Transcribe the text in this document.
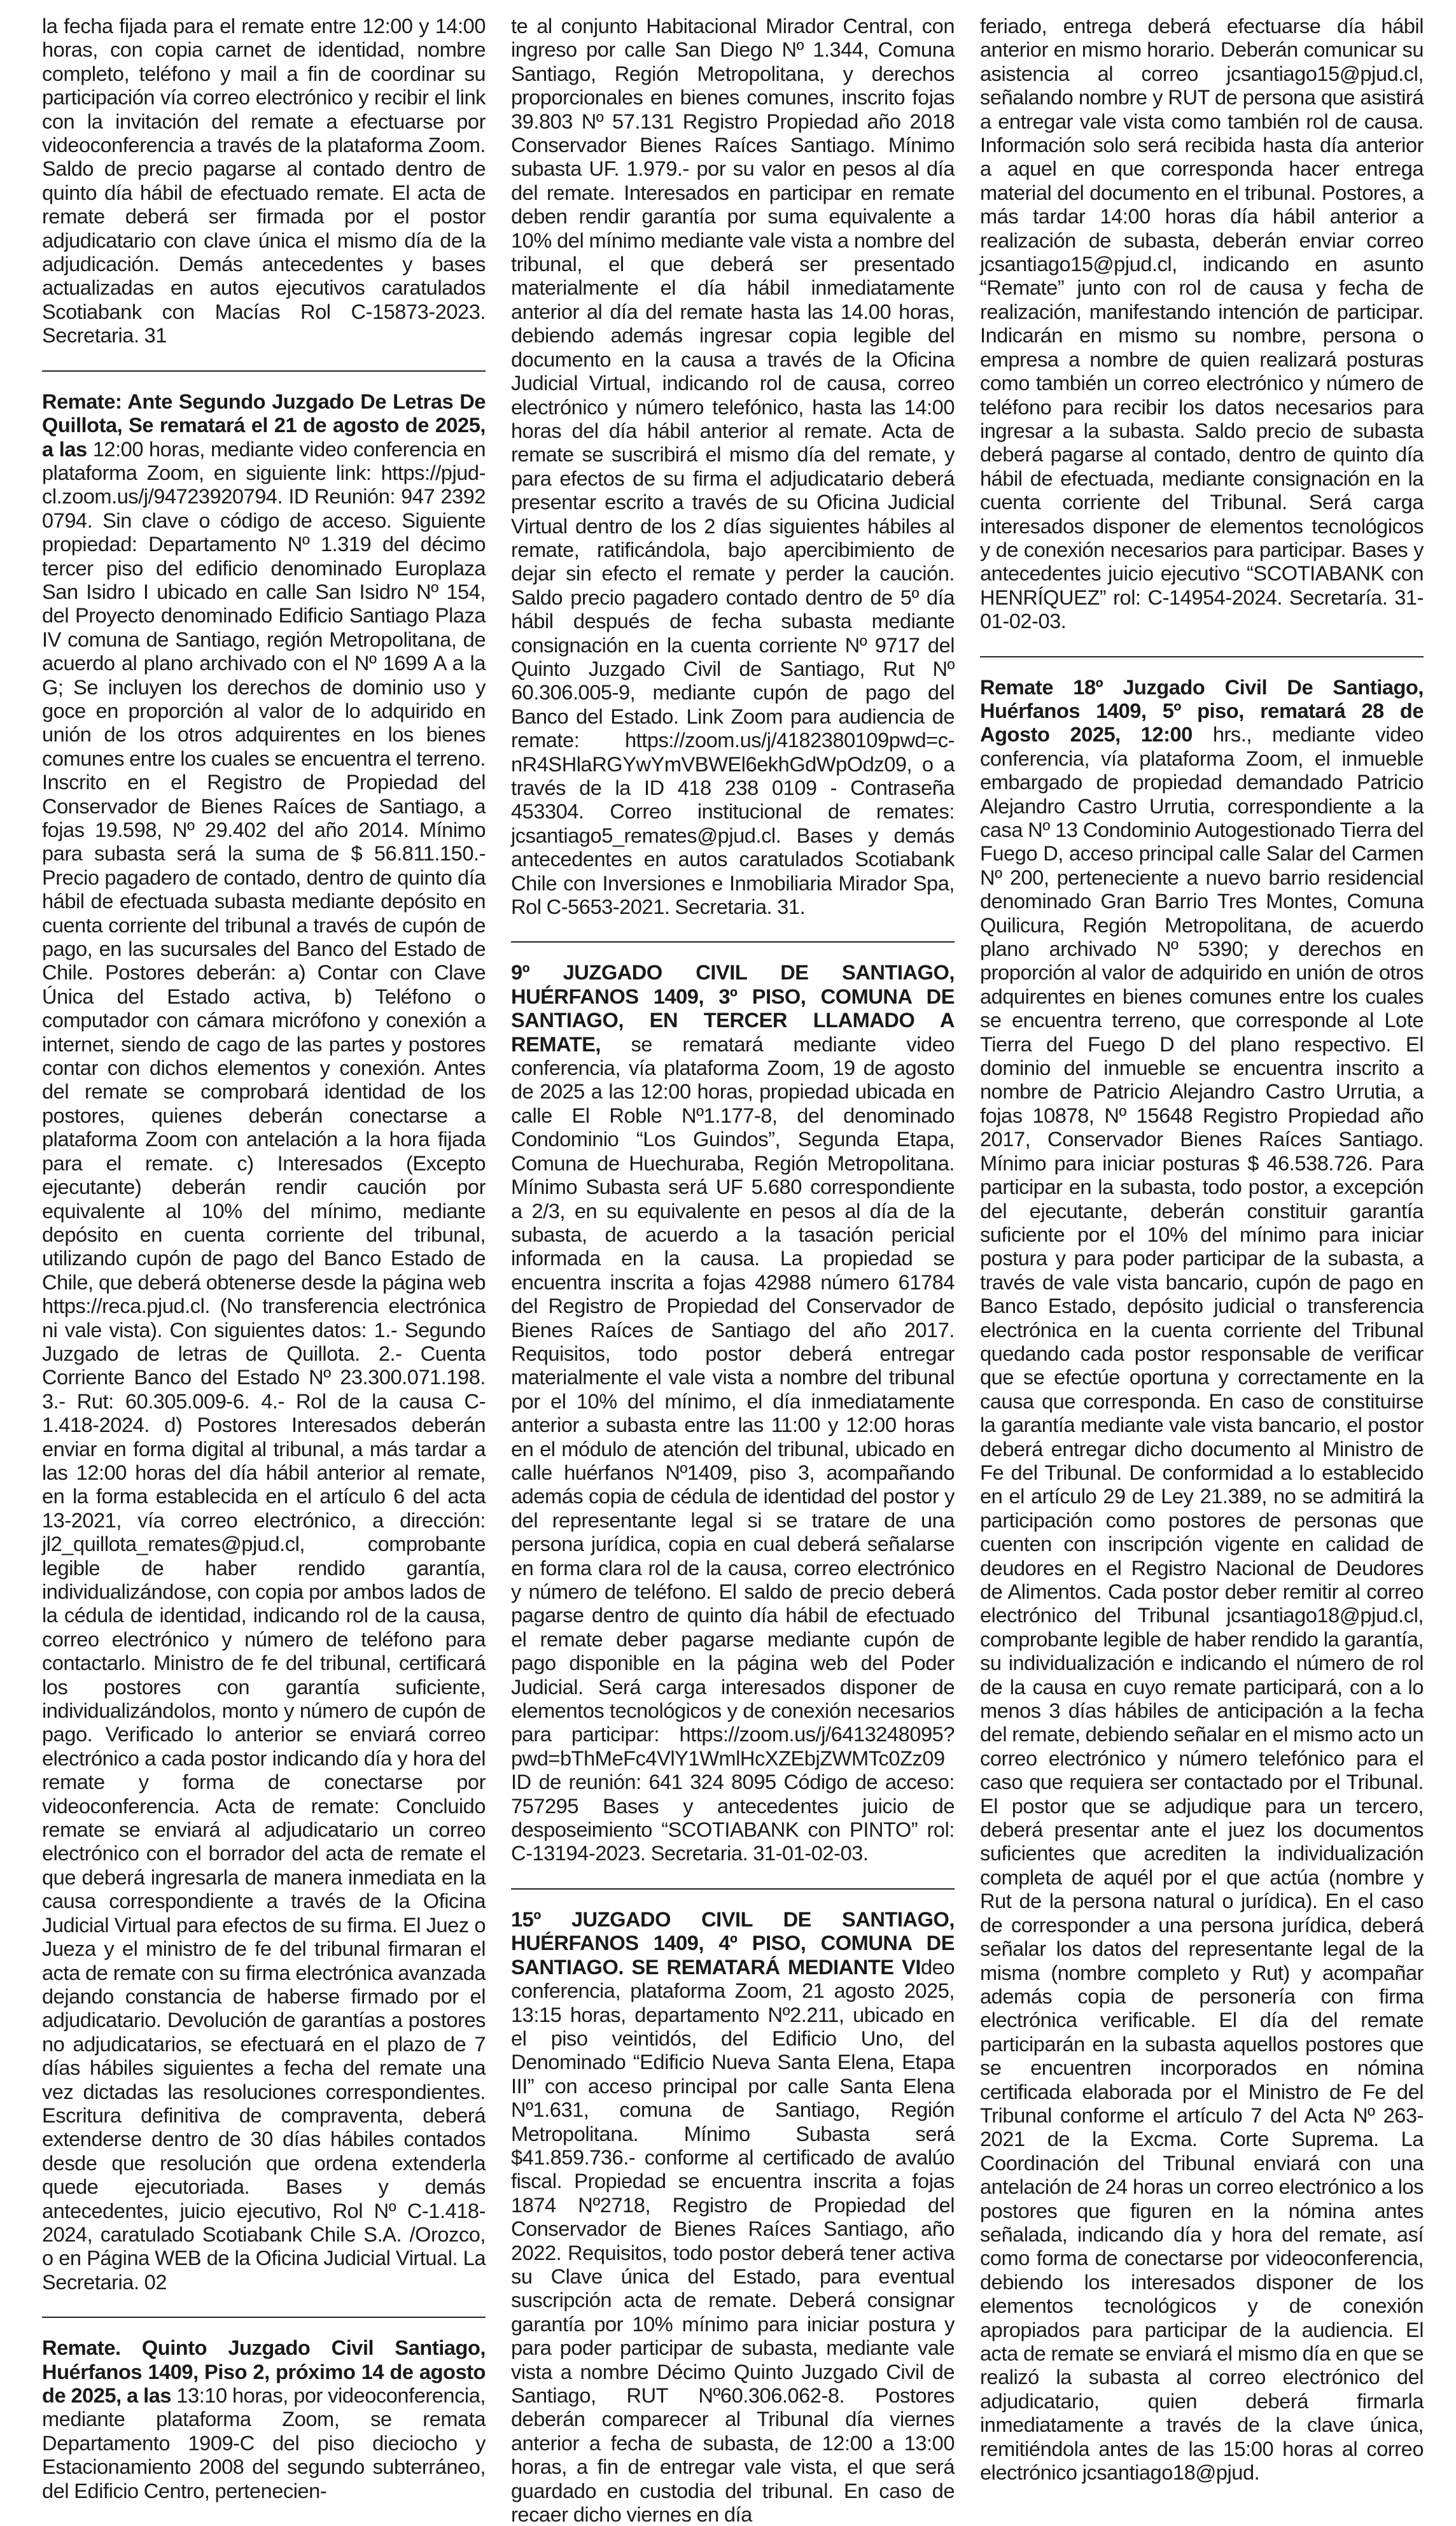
la fecha fijada para el remate entre 12:00 y 14:00 horas, con copia carnet de identidad, nombre completo, teléfono y mail a fin de coordinar su participación vía correo electrónico y recibir el link con la invitación del remate a efectuarse por videoconferencia a través de la plataforma Zoom. Saldo de precio pagarse al contado dentro de quinto día hábil de efectuado remate. El acta de remate deberá ser firmada por el postor adjudicatario con clave única el mismo día de la adjudicación. Demás antecedentes y bases actualizadas en autos ejecutivos caratulados Scotiabank con Macías Rol C-15873-2023. Secretaria. 31

Remate: Ante Segundo Juzgado De Letras De Quillota, Se rematará el 21 de agosto de 2025, a las 12:00 horas, mediante video conferencia en plataforma Zoom, en siguiente link: https://pjud-cl.zoom.us/j/94723920794. ID Reunión: 947 2392 0794. Sin clave o código de acceso. Siguiente propiedad: Departamento Nº 1.319 del décimo tercer piso del edificio denominado Europlaza San Isidro I ubicado en calle San Isidro Nº 154, del Proyecto denominado Edificio Santiago Plaza IV comuna de Santiago, región Metropolitana, de acuerdo al plano archivado con el Nº 1699 A a la G; Se incluyen los derechos de dominio uso y goce en proporción al valor de lo adquirido en unión de los otros adquirentes en los bienes comunes entre los cuales se encuentra el terreno. Inscrito en el Registro de Propiedad del Conservador de Bienes Raíces de Santiago, a fojas 19.598, Nº 29.402 del año 2014. Mínimo para subasta será la suma de $ 56.811.150.- Precio pagadero de contado, dentro de quinto día hábil de efectuada subasta mediante depósito en cuenta corriente del tribunal a través de cupón de pago, en las sucursales del Banco del Estado de Chile. Postores deberán: a) Contar con Clave Única del Estado activa, b) Teléfono o computador con cámara micrófono y conexión a internet, siendo de cago de las partes y postores contar con dichos elementos y conexión. Antes del remate se comprobará identidad de los postores, quienes deberán conectarse a plataforma Zoom con antelación a la hora fijada para el remate. c) Interesados (Excepto ejecutante) deberán rendir caución por equivalente al 10% del mínimo, mediante depósito en cuenta corriente del tribunal, utilizando cupón de pago del Banco Estado de Chile, que deberá obtenerse desde la página web https://reca.pjud.cl. (No transferencia electrónica ni vale vista). Con siguientes datos: 1.- Segundo Juzgado de letras de Quillota. 2.- Cuenta Corriente Banco del Estado Nº 23.300.071.198. 3.- Rut: 60.305.009-6. 4.- Rol de la causa C-1.418-2024. d) Postores Interesados deberán enviar en forma digital al tribunal, a más tardar a las 12:00 horas del día hábil anterior al remate, en la forma establecida en el artículo 6 del acta 13-2021, vía correo electrónico, a dirección: jl2_quillota_remates@pjud.cl, comprobante legible de haber rendido garantía, individualizándose, con copia por ambos lados de la cédula de identidad, indicando rol de la causa, correo electrónico y número de teléfono para contactarlo. Ministro de fe del tribunal, certificará los postores con garantía suficiente, individualizándolos, monto y número de cupón de pago. Verificado lo anterior se enviará correo electrónico a cada postor indicando día y hora del remate y forma de conectarse por videoconferencia. Acta de remate: Concluido remate se enviará al adjudicatario un correo electrónico con el borrador del acta de remate el que deberá ingresarla de manera inmediata en la causa correspondiente a través de la Oficina Judicial Virtual para efectos de su firma. El Juez o Jueza y el ministro de fe del tribunal firmaran el acta de remate con su firma electrónica avanzada dejando constancia de haberse firmado por el adjudicatario. Devolución de garantías a postores no adjudicatarios, se efectuará en el plazo de 7 días hábiles siguientes a fecha del remate una vez dictadas las resoluciones correspondientes. Escritura definitiva de compraventa, deberá extenderse dentro de 30 días hábiles contados desde que resolución que ordena extenderla quede ejecutoriada. Bases y demás antecedentes, juicio ejecutivo, Rol Nº C-1.418-2024, caratulado Scotiabank Chile S.A. /Orozco, o en Página WEB de la Oficina Judicial Virtual. La Secretaria. 02

Remate. Quinto Juzgado Civil Santiago, Huérfanos 1409, Piso 2, próximo 14 de agosto de 2025, a las 13:10 horas, por videoconferencia, mediante plataforma Zoom, se remata Departamento 1909-C del piso dieciocho y Estacionamiento 2008 del segundo subterráneo, del Edificio Centro, pertenecien-

te al conjunto Habitacional Mirador Central, con ingreso por calle San Diego Nº 1.344, Comuna Santiago, Región Metropolitana, y derechos proporcionales en bienes comunes, inscrito fojas 39.803 Nº 57.131 Registro Propiedad año 2018 Conservador Bienes Raíces Santiago. Mínimo subasta UF. 1.979.- por su valor en pesos al día del remate. Interesados en participar en remate deben rendir garantía por suma equivalente a 10% del mínimo mediante vale vista a nombre del tribunal, el que deberá ser presentado materialmente el día hábil inmediatamente anterior al día del remate hasta las 14.00 horas, debiendo además ingresar copia legible del documento en la causa a través de la Oficina Judicial Virtual, indicando rol de causa, correo electrónico y número telefónico, hasta las 14:00 horas del día hábil anterior al remate. Acta de remate se suscribirá el mismo día del remate, y para efectos de su firma el adjudicatario deberá presentar escrito a través de su Oficina Judicial Virtual dentro de los 2 días siguientes hábiles al remate, ratificándola, bajo apercibimiento de dejar sin efecto el remate y perder la caución. Saldo precio pagadero contado dentro de 5º día hábil después de fecha subasta mediante consignación en la cuenta corriente Nº 9717 del Quinto Juzgado Civil de Santiago, Rut Nº 60.306.005-9, mediante cupón de pago del Banco del Estado. Link Zoom para audiencia de remate: https://zoom.us/j/4182380109pwd=c-nR4SHlaRGYwYmVBWEl6ekhGdWpOdz09, o a través de la ID 418 238 0109 - Contraseña 453304. Correo institucional de remates: jcsantiago5_remates@pjud.cl. Bases y demás antecedentes en autos caratulados Scotiabank Chile con Inversiones e Inmobiliaria Mirador Spa, Rol C-5653-2021. Secretaria. 31.

9º JUZGADO CIVIL DE SANTIAGO, HUÉRFANOS 1409, 3º PISO, COMUNA DE SANTIAGO, EN TERCER LLAMADO A REMATE, se rematará mediante video conferencia, vía plataforma Zoom, 19 de agosto de 2025 a las 12:00 horas, propiedad ubicada en calle El Roble Nº1.177-8, del denominado Condominio “Los Guindos”, Segunda Etapa, Comuna de Huechuraba, Región Metropolitana. Mínimo Subasta será UF 5.680 correspondiente a 2/3, en su equivalente en pesos al día de la subasta, de acuerdo a la tasación pericial informada en la causa. La propiedad se encuentra inscrita a fojas 42988 número 61784 del Registro de Propiedad del Conservador de Bienes Raíces de Santiago del año 2017. Requisitos, todo postor deberá entregar materialmente el vale vista a nombre del tribunal por el 10% del mínimo, el día inmediatamente anterior a subasta entre las 11:00 y 12:00 horas en el módulo de atención del tribunal, ubicado en calle huérfanos Nº1409, piso 3, acompañando además copia de cédula de identidad del postor y del representante legal si se tratare de una persona jurídica, copia en cual deberá señalarse en forma clara rol de la causa, correo electrónico y número de teléfono. El saldo de precio deberá pagarse dentro de quinto día hábil de efectuado el remate deber pagarse mediante cupón de pago disponible en la página web del Poder Judicial. Será carga interesados disponer de elementos tecnológicos y de conexión necesarios para participar: https://zoom.us/j/6413248095?pwd=bThMeFc4VlY1WmlHcXZEbjZWMTc0Zz09 ID de reunión: 641 324 8095 Código de acceso: 757295 Bases y antecedentes juicio de desposeimiento “SCOTIABANK con PINTO” rol: C-13194-2023. Secretaria. 31-01-02-03.

15º JUZGADO CIVIL DE SANTIAGO, HUÉRFANOS 1409, 4º PISO, COMUNA DE SANTIAGO. SE REMATARÁ MEDIANTE VIdeo conferencia, plataforma Zoom, 21 agosto 2025, 13:15 horas, departamento Nº2.211, ubicado en el piso veintidós, del Edificio Uno, del Denominado “Edificio Nueva Santa Elena, Etapa III” con acceso principal por calle Santa Elena Nº1.631, comuna de Santiago, Región Metropolitana. Mínimo Subasta será $41.859.736.- conforme al certificado de avalúo fiscal. Propiedad se encuentra inscrita a fojas 1874 Nº2718, Registro de Propiedad del Conservador de Bienes Raíces Santiago, año 2022. Requisitos, todo postor deberá tener activa su Clave única del Estado, para eventual suscripción acta de remate. Deberá consignar garantía por 10% mínimo para iniciar postura y para poder participar de subasta, mediante vale vista a nombre Décimo Quinto Juzgado Civil de Santiago, RUT Nº60.306.062-8. Postores deberán comparecer al Tribunal día viernes anterior a fecha de subasta, de 12:00 a 13:00 horas, a fin de entregar vale vista, el que será guardado en custodia del tribunal. En caso de recaer dicho viernes en día

feriado, entrega deberá efectuarse día hábil anterior en mismo horario. Deberán comunicar su asistencia al correo jcsantiago15@pjud.cl, señalando nombre y RUT de persona que asistirá a entregar vale vista como también rol de causa. Información solo será recibida hasta día anterior a aquel en que corresponda hacer entrega material del documento en el tribunal. Postores, a más tardar 14:00 horas día hábil anterior a realización de subasta, deberán enviar correo jcsantiago15@pjud.cl, indicando en asunto “Remate” junto con rol de causa y fecha de realización, manifestando intención de participar. Indicarán en mismo su nombre, persona o empresa a nombre de quien realizará posturas como también un correo electrónico y número de teléfono para recibir los datos necesarios para ingresar a la subasta. Saldo precio de subasta deberá pagarse al contado, dentro de quinto día hábil de efectuada, mediante consignación en la cuenta corriente del Tribunal. Será carga interesados disponer de elementos tecnológicos y de conexión necesarios para participar. Bases y antecedentes juicio ejecutivo “SCOTIABANK con HENRÍQUEZ” rol: C-14954-2024. Secretaría. 31-01-02-03.

Remate 18º Juzgado Civil De Santiago, Huérfanos 1409, 5º piso, rematará 28 de Agosto 2025, 12:00 hrs., mediante video conferencia, vía plataforma Zoom, el inmueble embargado de propiedad demandado Patricio Alejandro Castro Urrutia, correspondiente a la casa Nº 13 Condominio Autogestionado Tierra del Fuego D, acceso principal calle Salar del Carmen Nº 200, perteneciente a nuevo barrio residencial denominado Gran Barrio Tres Montes, Comuna Quilicura, Región Metropolitana, de acuerdo plano archivado Nº 5390; y derechos en proporción al valor de adquirido en unión de otros adquirentes en bienes comunes entre los cuales se encuentra terreno, que corresponde al Lote Tierra del Fuego D del plano respectivo. El dominio del inmueble se encuentra inscrito a nombre de Patricio Alejandro Castro Urrutia, a fojas 10878, Nº 15648 Registro Propiedad año 2017, Conservador Bienes Raíces Santiago. Mínimo para iniciar posturas $ 46.538.726. Para participar en la subasta, todo postor, a excepción del ejecutante, deberán constituir garantía suficiente por el 10% del mínimo para iniciar postura y para poder participar de la subasta, a través de vale vista bancario, cupón de pago en Banco Estado, depósito judicial o transferencia electrónica en la cuenta corriente del Tribunal quedando cada postor responsable de verificar que se efectúe oportuna y correctamente en la causa que corresponda. En caso de constituirse la garantía mediante vale vista bancario, el postor deberá entregar dicho documento al Ministro de Fe del Tribunal. De conformidad a lo establecido en el artículo 29 de Ley 21.389, no se admitirá la participación como postores de personas que cuenten con inscripción vigente en calidad de deudores en el Registro Nacional de Deudores de Alimentos. Cada postor deber remitir al correo electrónico del Tribunal jcsantiago18@pjud.cl, comprobante legible de haber rendido la garantía, su individualización e indicando el número de rol de la causa en cuyo remate participará, con a lo menos 3 días hábiles de anticipación a la fecha del remate, debiendo señalar en el mismo acto un correo electrónico y número telefónico para el caso que requiera ser contactado por el Tribunal. El postor que se adjudique para un tercero, deberá presentar ante el juez los documentos suficientes que acrediten la individualización completa de aquél por el que actúa (nombre y Rut de la persona natural o jurídica). En el caso de corresponder a una persona jurídica, deberá señalar los datos del representante legal de la misma (nombre completo y Rut) y acompañar además copia de personería con firma electrónica verificable. El día del remate participarán en la subasta aquellos postores que se encuentren incorporados en nómina certificada elaborada por el Ministro de Fe del Tribunal conforme el artículo 7 del Acta Nº 263-2021 de la Excma. Corte Suprema. La Coordinación del Tribunal enviará con una antelación de 24 horas un correo electrónico a los postores que figuren en la nómina antes señalada, indicando día y hora del remate, así como forma de conectarse por videoconferencia, debiendo los interesados disponer de los elementos tecnológicos y de conexión apropiados para participar de la audiencia. El acta de remate se enviará el mismo día en que se realizó la subasta al correo electrónico del adjudicatario, quien deberá firmarla inmediatamente a través de la clave única, remitiéndola antes de las 15:00 horas al correo electrónico jcsantiago18@pjud.
